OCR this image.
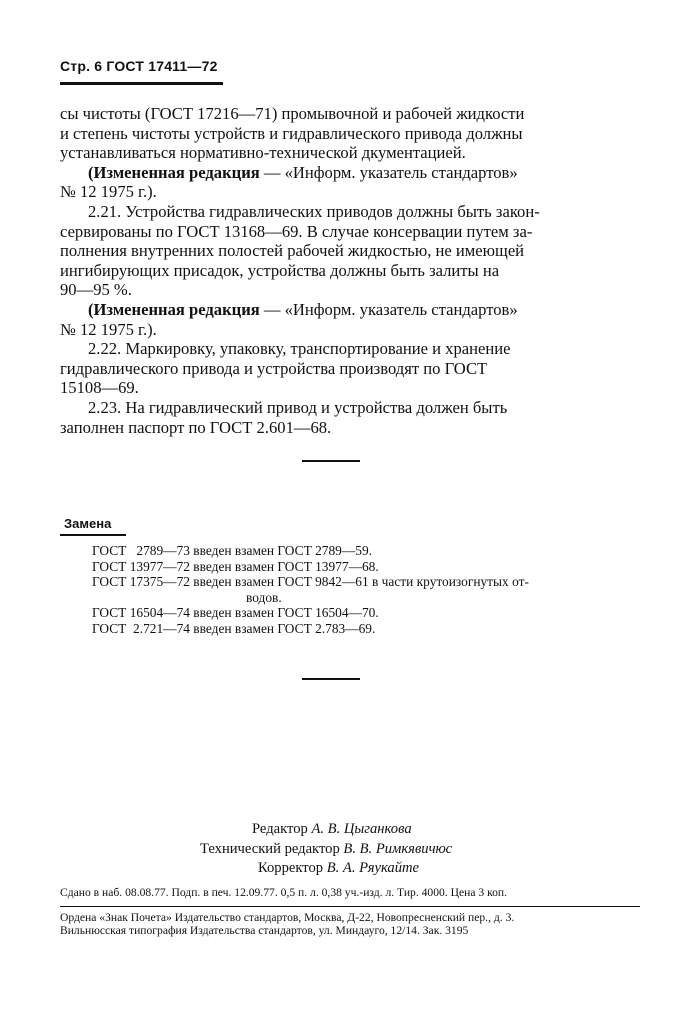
Стр. 6 ГОСТ 17411—72

сы чистоты (ГОСТ 17216—71) промывочной и рабочей жидкости

и степень чистоты устройств и гидравлического привода должны

устанавливаться нормативно-технической дкументацией.

(Измененная редакция — «Информ. указатель стандартов»

№ 12 1975 г.).

2.21. Устройства гидравлических приводов должны быть закон-

сервированы по ГОСТ 13168—69. В случае консервации путем за-

полнения внутренних полостей рабочей жидкостью, не имеющей

ингибирующих присадок, устройства должны быть залиты на

90—95 %.

(Измененная редакция — «Информ. указатель стандартов»

№ 12 1975 г.).

2.22. Маркировку, упаковку, транспортирование и хранение

гидравлического привода и устройства производят по ГОСТ

15108—69.

2.23. На гидравлический привод и устройства должен быть

заполнен паспорт по ГОСТ 2.601—68.

Замена
ГОСТ   2789—73 введен взамен ГОСТ 2789—59.
ГОСТ 13977—72 введен взамен ГОСТ 13977—68.
ГОСТ 17375—72 введен взамен ГОСТ 9842—61 в части крутоизогнутых от-
водов.
ГОСТ 16504—74 введен взамен ГОСТ 16504—70.
ГОСТ  2.721—74 введен взамен ГОСТ 2.783—69.
Редактор А. В. Цыганкова
Технический редактор В. В. Римкявичюс
Корректор В. А. Ряукайте
Сдано в наб. 08.08.77. Подп. в печ. 12.09.77. 0,5 п. л. 0,38 уч.-изд. л. Тир. 4000. Цена 3 коп.
Ордена «Знак Почета» Издательство стандартов, Москва, Д-22, Новопресненский пер., д. 3.
Вильнюсская типография Издательства стандартов, ул. Миндауго, 12/14. Зак. 3195
